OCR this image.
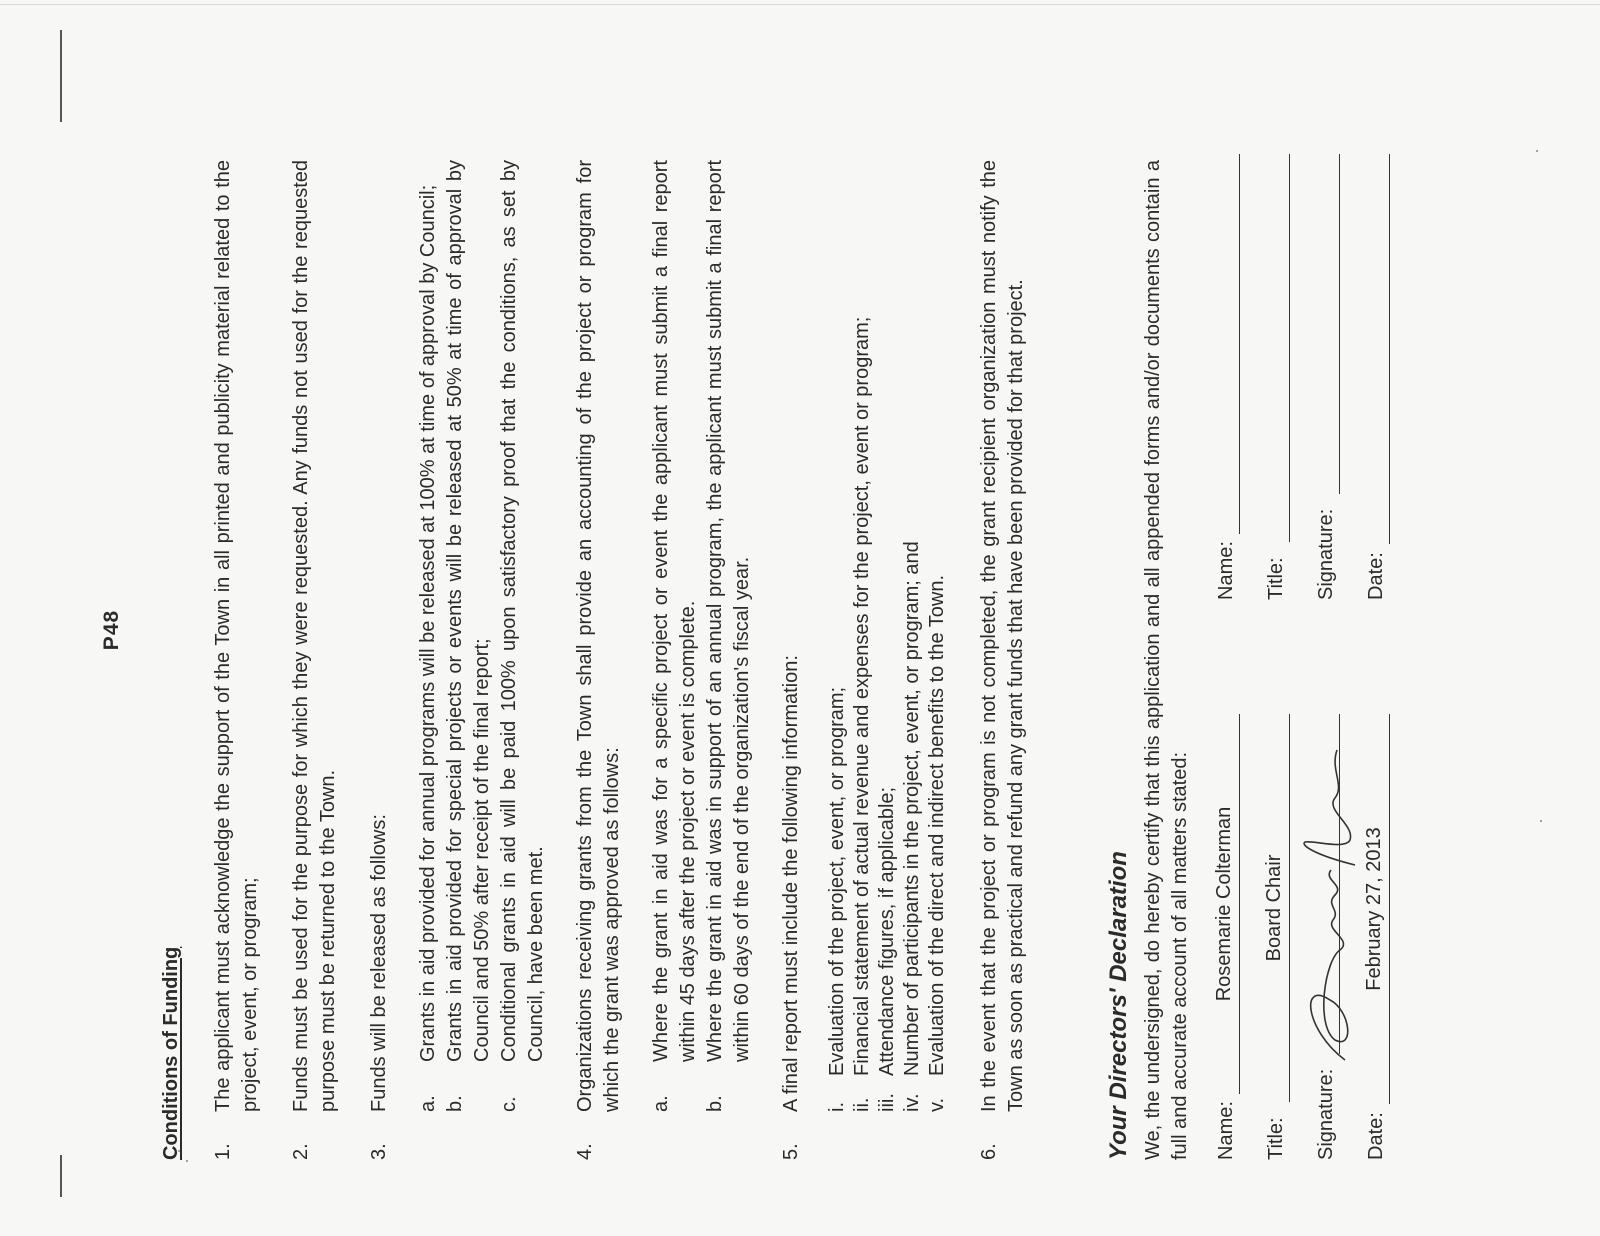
P48
Conditions of Funding 1.
The applicant must acknowledge the support of the Town in all printed and publicity material related to the project, event, or program;
2.
Funds must be used for the purpose for which they were requested. Any funds not used for the requested purpose must be returned to the Town.
3.
Funds will be released as follows: a.
Grants in aid provided for annual programs will be released at 100% at time of approval by Council;
b.
Grants in aid provided for special projects or events will be released at 50% at time of approval by Council and 50% after receipt of the final report;
c.
Conditional grants in aid will be paid 100% upon satisfactory proof that the conditions, as set by Council, have been met.
4.
Organizations receiving grants from the Town shall provide an accounting of the project or program for which the grant was approved as follows: a.
Where the grant in aid was for a specific project or event the applicant must submit a final report within 45 days after the project or event is complete.
b.
Where the grant in aid was in support of an annual program, the applicant must submit a final report within 60 days of the end of the organization's fiscal year.
5.
A final report must include the following information: i.
Evaluation of the project, event, or program;
ii.
Financial statement of actual revenue and expenses for the project, event or program;
iii.
Attendance figures, if applicable;
iv.
Number of participants in the project, event, or program; and
v.
Evaluation of the direct and indirect benefits to the Town.
6.
In the event that the project or program is not completed, the grant recipient organization must notify the Town as soon as practical and refund any grant funds that have been provided for that project.	Your Directors' Declaration We, the undersigned, do hereby certify that this application and all appended forms and/or documents contain a full and accurate account of all matters stated: Name:
Rosemarie Colterman
Title:
Board Chair
Signature: Date:
February 27, 2013
Name: Title: Signature: Date:
